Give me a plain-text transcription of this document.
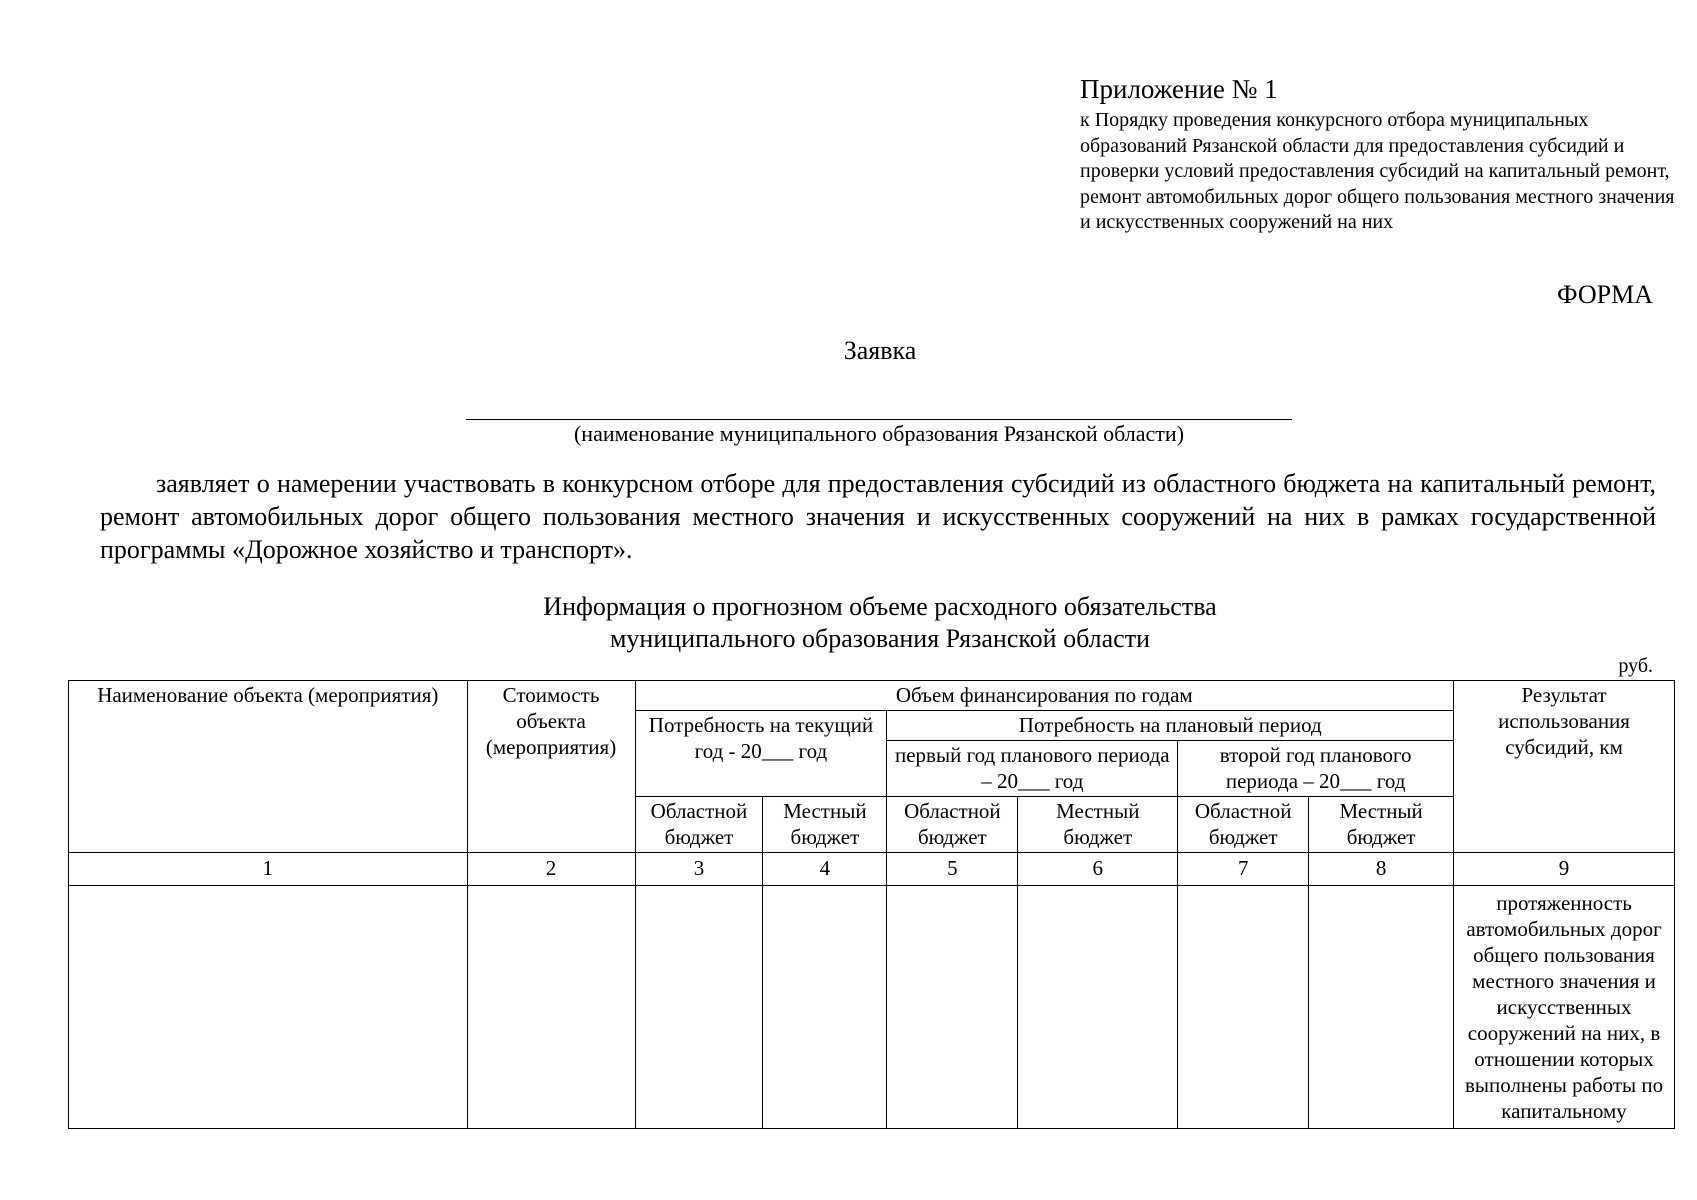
Приложение № 1
к Порядку проведения конкурсного отбора муниципальных образований Рязанской области для предоставления субсидий и проверки условий предоставления субсидий на капитальный ремонт, ремонт автомобильных дорог общего пользования местного значения и искусственных сооружений на них
ФОРМА
Заявка
(наименование муниципального образования Рязанской области)
заявляет о намерении участвовать в конкурсном отборе для предоставления субсидий из областного бюджета на капитальный ремонт, ремонт автомобильных дорог общего пользования местного значения и искусственных сооружений на них в рамках государственной программы «Дорожное хозяйство и транспорт».
Информация о прогнозном объеме расходного обязательства
муниципального образования Рязанской области
руб.
Наименование объекта (мероприятия)	Стоимость объекта (мероприятия)	Объем финансирования по годам						Результат использования субсидий, км
		Потребность на текущий год - 20___ год		Потребность на плановый период				
				первый год планового периода – 20___ год		второй год планового периода – 20___ год		
		Областной бюджет	Местный бюджет	Областной бюджет	Местный бюджет	Областной бюджет	Местный бюджет	
1	2	3	4	5	6	7	8	9
								протяженность автомобильных дорог общего пользования местного значения и искусственных сооружений на них, в отношении которых выполнены работы по капитальному
